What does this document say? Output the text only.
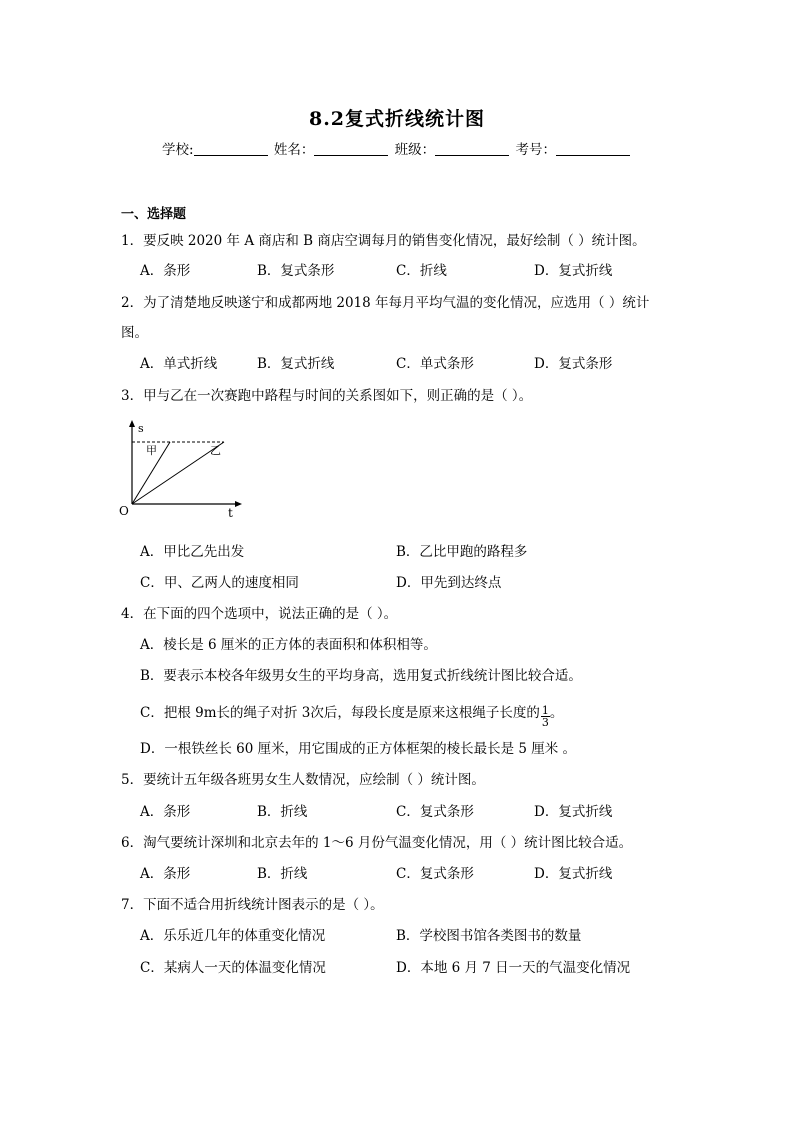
8.2复式折线统计图
学校:	姓名：	班级：	考号：
一、选择题
1．要反映 2020 年 A 商店和 B 商店空调每月的销售变化情况，最好绘制（ ）统计图。
A．条形	B．复式条形	C．折线	D．复式折线
2．为了清楚地反映遂宁和成都两地 2018 年每月平均气温的变化情况，应选用（ ）统计
图。
A．单式折线	B．复式折线	C．单式条形	D．复式条形
3．甲与乙在一次赛跑中路程与时间的关系图如下，则正确的是（ ）。
s
t
O
甲	乙
A．甲比乙先出发	B．乙比甲跑的路程多
C．甲、乙两人的速度相同	D．甲先到达终点
4．在下面的四个选项中，说法正确的是（ ）。
A．棱长是 6 厘米的正方体的表面积和体积相等。
B．要表示本校各年级男女生的平均身高，选用复式折线统计图比较合适。
C．把根 9m长的绳子对折 3次后，每段长度是原来这根绳子长度的 $\frac{1}{3}$ 。
D．一根铁丝长 60 厘米，用它围成的正方体框架的棱长最长是 5 厘米 。
5．要统计五年级各班男女生人数情况，应绘制（ ）统计图。
A．条形	B．折线	C．复式条形	D．复式折线
6．淘气要统计深圳和北京去年的 1～6 月份气温变化情况，用（ ）统计图比较合适。
A．条形	B．折线	C．复式条形	D．复式折线
7．下面不适合用折线统计图表示的是（ ）。
A．乐乐近几年的体重变化情况	B．学校图书馆各类图书的数量
C．某病人一天的体温变化情况	D．本地 6 月 7 日一天的气温变化情况
